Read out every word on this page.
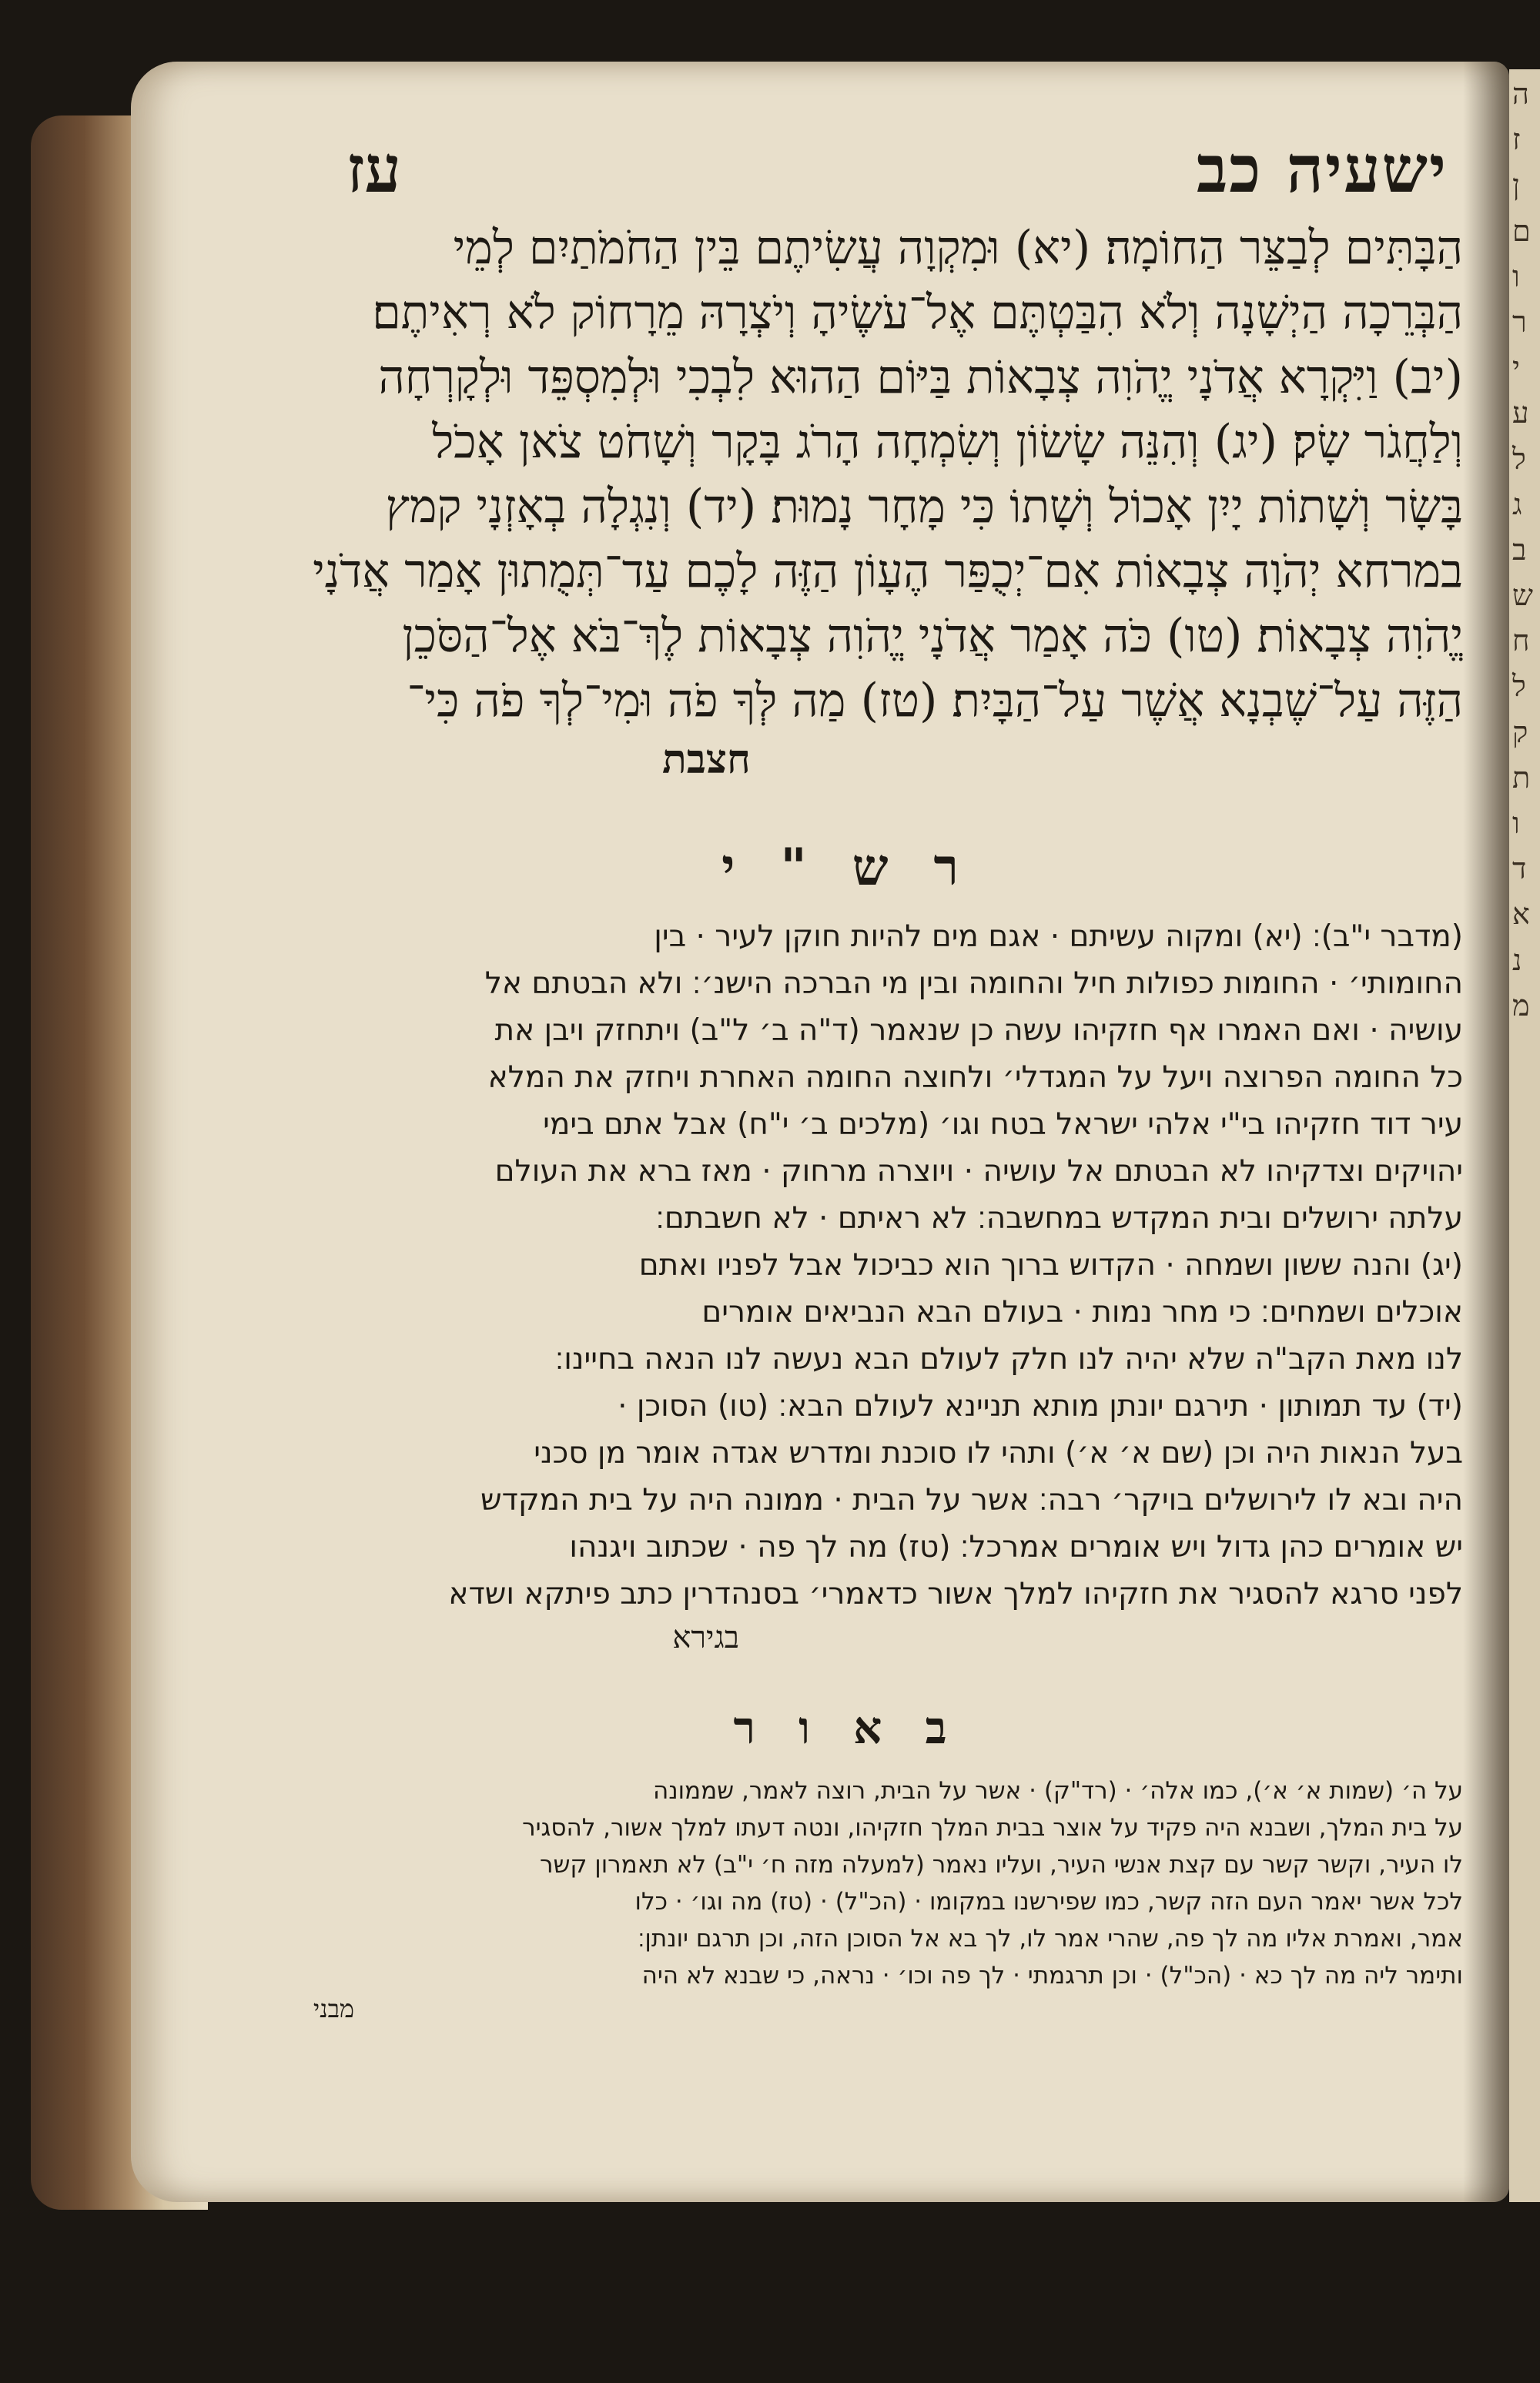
ה
ז
ן
ם
ו
ר
י
ע
ל
ג
ב
ש
ח
ל
ק
ת
ו
ד
א
נ
מ
ישעיה כב
עז
הַבָּתִּים לְבַצֵּר הַחוֹמָה׃ (יא) וּמִקְוָה עֲשִׂיתֶם בֵּין הַחֹמֹתַיִם לְמֵי
הַבְּרֵכָה הַיְשָׁנָה וְלֹא הִבַּטְתֶּם אֶל־עֹשֶׂיהָ וְיֹצְרָהּ מֵרָחוֹק לֹא רְאִיתֶם׃
(יב) וַיִּקְרָא אֲדֹנָי יֱהֹוִה צְבָאוֹת בַּיּוֹם הַהוּא לִבְכִי וּלְמִסְפֵּד וּלְקָרְחָה
וְלַחֲגֹר שָׂק׃ (יג) וְהִנֵּה שָׂשׂוֹן וְשִׂמְחָה הָרֹג בָּקָר וְשָׁחֹט צֹאן אָכֹל
בָּשָׂר וְשָׁתוֹת יָיִן אָכוֹל וְשָׁתוֹ כִּי מָחָר נָמוּת׃ (יד) וְנִגְלָה בְאָזְנָי קמץ
במרחא יְהֹוָה צְבָאוֹת אִם־יְכֻפַּר הֶעָוֹן הַזֶּה לָכֶם עַד־תְּמֻתוּן אָמַר אֲדֹנָי
יֱהֹוִה צְבָאוֹת׃ (טו) כֹּה אָמַר אֲדֹנָי יֱהֹוִה צְבָאוֹת לֶךְ־בֹּא אֶל־הַסֹּכֵן
הַזֶּה עַל־שֶׁבְנָא אֲשֶׁר עַל־הַבָּיִת׃ (טז) מַה לְּךָ פֹה וּמִי־לְךָ פֹה כִּי־
חצבת
ר ש " י
(מדבר י"ב)׃ (יא) ומקוה עשיתם · אגם מים להיות חוקן לעיר · בין
החומותי׳ · החומות כפולות חיל והחומה ובין מי הברכה הישנ׳׃ ולא הבטתם אל
עושיה · ואם האמרו אף חזקיהו עשה כן שנאמר (ד"ה ב׳ ל"ב) ויתחזק ויבן את
כל החומה הפרוצה ויעל על המגדלי׳ ולחוצה החומה האחרת ויחזק את המלא
עיר דוד חזקיהו בי"י אלהי ישראל בטח וגו׳ (מלכים ב׳ י"ח) אבל אתם בימי
יהויקים וצדקיהו לא הבטתם אל עושיה · ויוצרה מרחוק · מאז ברא את העולם
עלתה ירושלים ובית המקדש במחשבה׃ לא ראיתם · לא חשבתם׃
(יג) והנה ששון ושמחה · הקדוש ברוך הוא כביכול אבל לפניו ואתם
אוכלים ושמחים׃ כי מחר נמות · בעולם הבא הנביאים אומרים
לנו מאת הקב"ה שלא יהיה לנו חלק לעולם הבא נעשה לנו הנאה בחיינו׃
(יד) עד תמותון · תירגם יונתן מותא תניינא לעולם הבא׃ (טו) הסוכן ·
בעל הנאות היה וכן (שם א׳ א׳) ותהי לו סוכנת ומדרש אגדה אומר מן סכני
היה ובא לו לירושלים בויקר׳ רבה׃ אשר על הבית · ממונה היה על בית המקדש
יש אומרים כהן גדול ויש אומרים אמרכל׃ (טז) מה לך פה · שכתוב ויגנהו
לפני סרגא להסגיר את חזקיהו למלך אשור כדאמרי׳ בסנהדרין כתב פיתקא ושדא
בגירא
ב א ו ר
על ה׳ (שמות א׳ א׳), כמו אלה׳ · (רד"ק) · אשר על הבית, רוצה לאמר, שממונה
על בית המלך, ושבנא היה פקיד על אוצר בבית המלך חזקיהו, ונטה דעתו למלך אשור, להסגיר
לו העיר, וקשר קשר עם קצת אנשי העיר, ועליו נאמר (למעלה מזה ח׳ י"ב) לא תאמרון קשר
לכל אשר יאמר העם הזה קשר, כמו שפירשנו במקומו · (הכ"ל) · (טז) מה וגו׳ · כלו
אמר, ואמרת אליו מה לך פה, שהרי אמר לו, לך בא אל הסוכן הזה, וכן תרגם יונתן׃
ותימר ליה מה לך כא · (הכ"ל) · וכן תרגמתי · לך פה וכו׳ · נראה, כי שבנא לא היה
מבני
